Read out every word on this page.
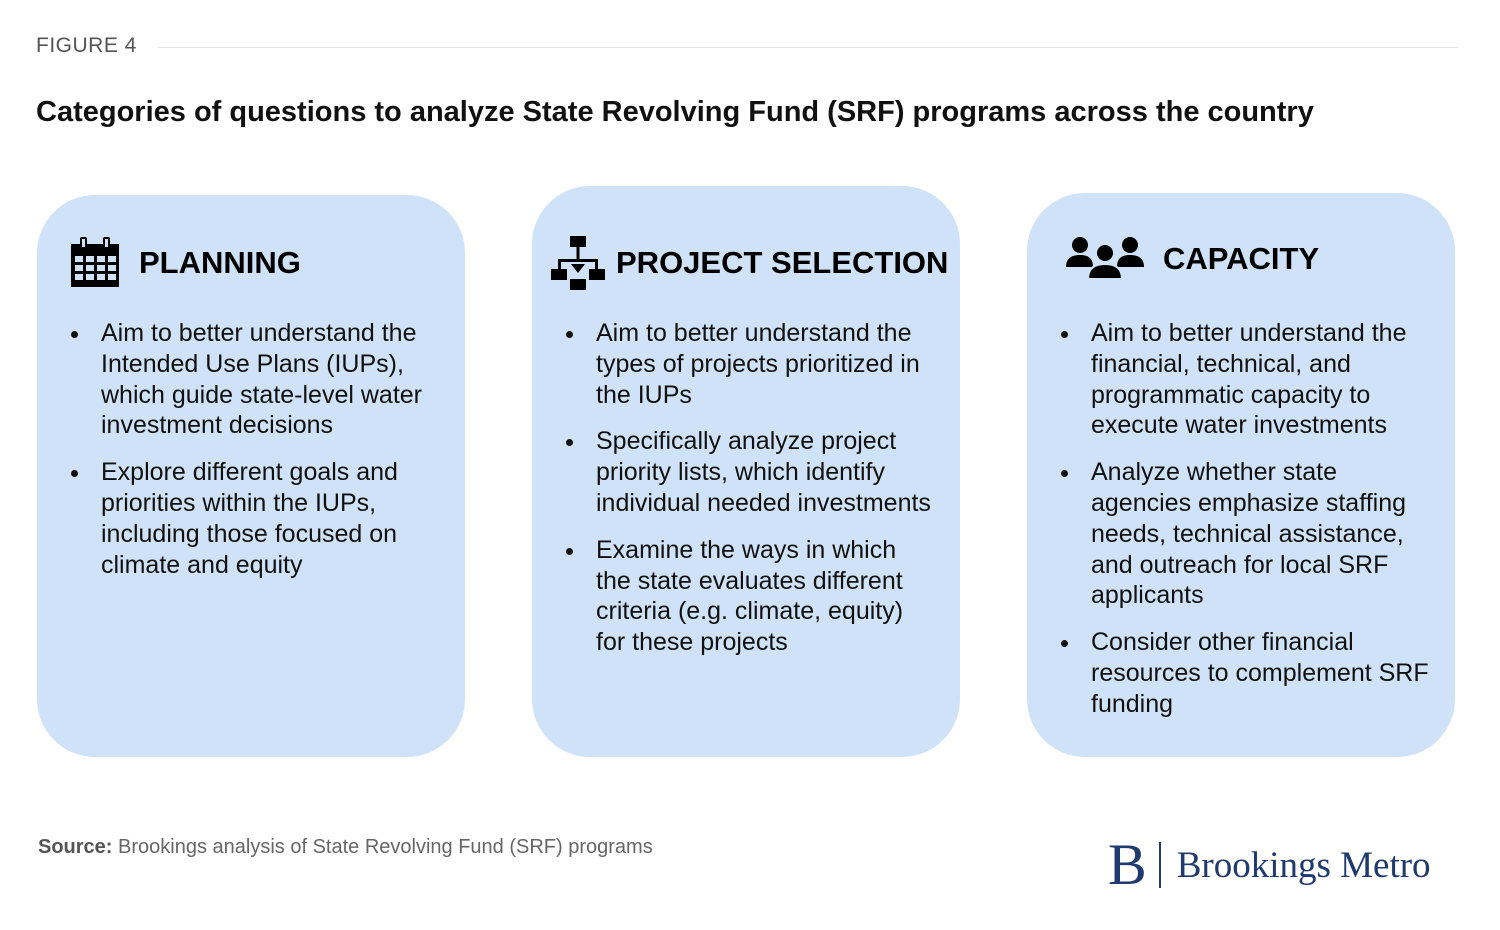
FIGURE 4
Categories of questions to analyze State Revolving Fund (SRF) programs across the country
PLANNING
Aim to better understand the Intended Use Plans (IUPs), which guide state-level water investment decisions
Explore different goals and priorities within the IUPs, including those focused on climate and equity
PROJECT SELECTION
Aim to better understand the types of projects prioritized in the IUPs
Specifically analyze project priority lists, which identify individual needed investments
Examine the ways in which the state evaluates different criteria (e.g. climate, equity) for these projects
CAPACITY
Aim to better understand the financial, technical, and programmatic capacity to execute water investments
Analyze whether state agencies emphasize staffing needs, technical assistance, and outreach for local SRF applicants
Consider other financial resources to complement SRF funding
Source: Brookings analysis of State Revolving Fund (SRF) programs	B Brookings Metro
